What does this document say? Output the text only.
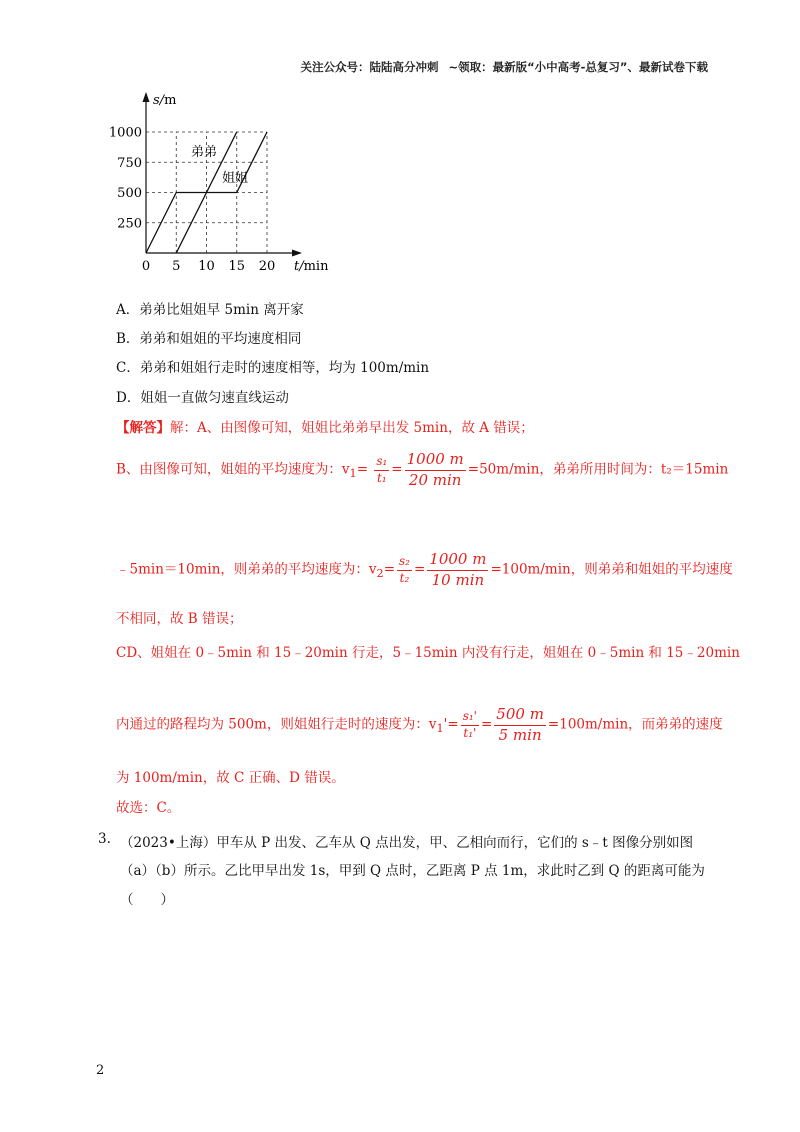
关注公众号：陆陆高分冲刺 ~领取：最新版“小中高考-总复习”、最新试卷下载
弟弟
姐姐
250
500
750
1000
0 5 10 15 20
s/m
t/min
A．弟弟比姐姐早 5min 离开家
B．弟弟和姐姐的平均速度相同
C．弟弟和姐姐行走时的速度相等，均为 100m/min
D．姐姐一直做匀速直线运动
【解答】解：A、由图像可知，姐姐比弟弟早出发 5min，故 A 错误；
B、由图像可知，姐姐的平均速度为：$v_1= \frac{\text{s₁}}{\text{t₁}} = \frac{1000 m}{20 \min} =50m/\min$，弟弟所用时间为：t₂＝15min
﹣5min＝10min，则弟弟的平均速度为：$v_2= \frac{\text{s₂}}{\text{t₂}} = \frac{1000 m}{10 \min} =100m/\min$，则弟弟和姐姐的平均速度
不相同，故 B 错误；
CD、姐姐在 0﹣5min 和 15﹣20min 行走，5﹣15min 内没有行走，姐姐在 0﹣5min 和 15﹣20min
内通过的路程均为 500m，则姐姐行走时的速度为：$v_1'= \frac{\text{s₁'}}{\text{t₁'}} = \frac{500 m}{5 \min} =100m/\min$，而弟弟的速度
为 100m/min，故 C 正确、D 错误。
故选：C。
3. （2023•上海）甲车从 P 出发、乙车从 Q 点出发，甲、乙相向而行，它们的 s﹣t 图像分别如图
（a）（b）所示。乙比甲早出发 1s，甲到 Q 点时，乙距离 P 点 1m，求此时乙到 Q 的距离可能为
（　　）
2
